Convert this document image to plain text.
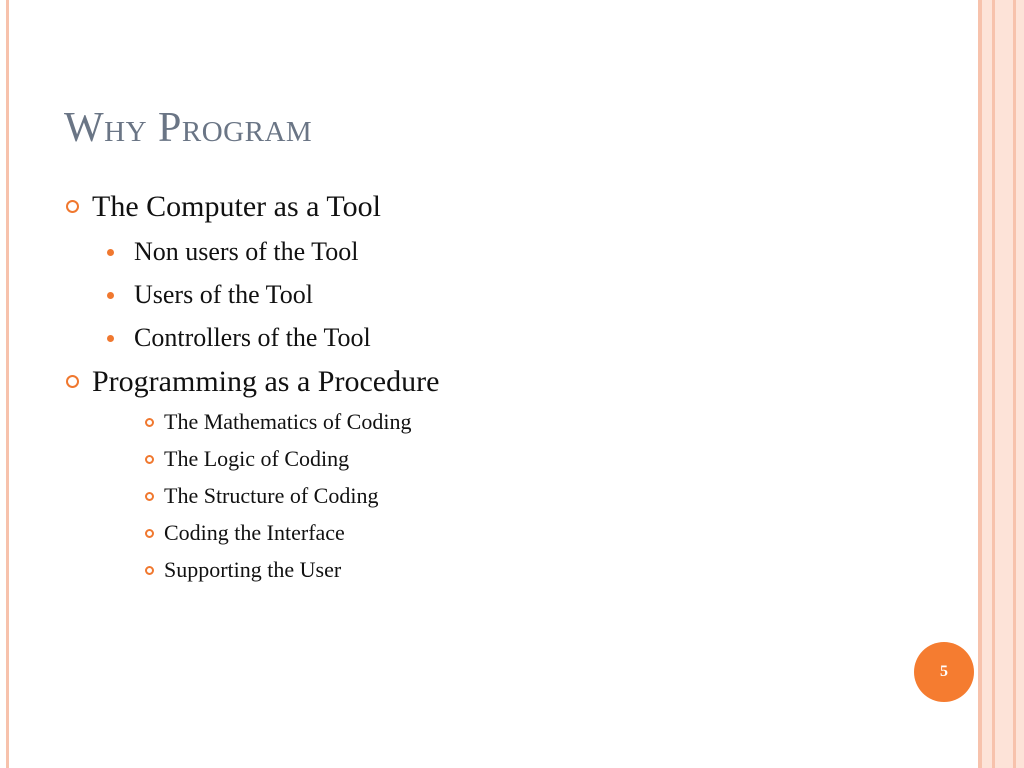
Why Program
The Computer as a Tool
Non users of the Tool
Users of the Tool
Controllers of the Tool
Programming as a Procedure
The Mathematics of Coding
The Logic of Coding
The Structure of Coding
Coding the Interface
Supporting the User
5
